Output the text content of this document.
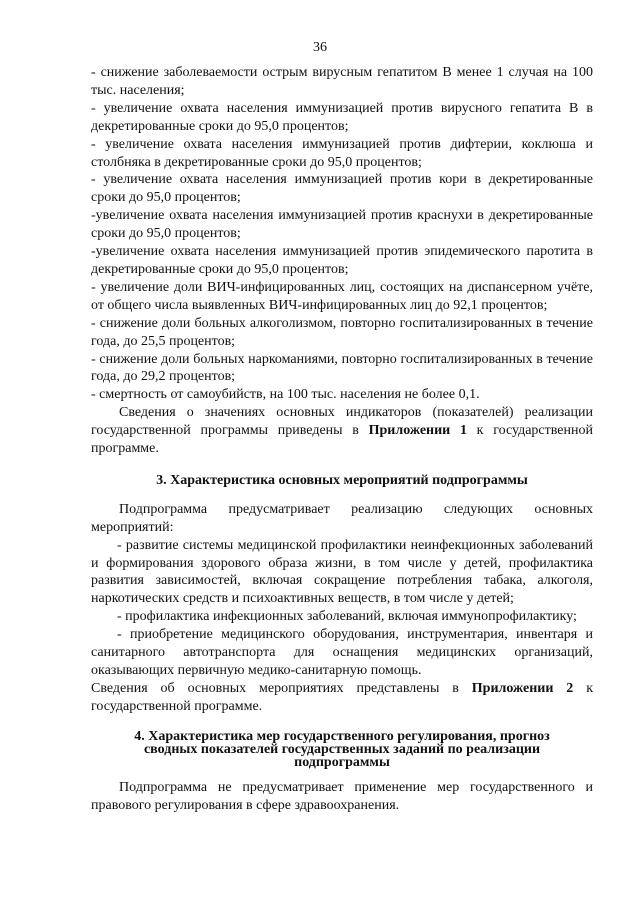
36

- снижение заболеваемости острым вирусным гепатитом В менее 1 случая на 100 тыс. населения;

- увеличение охвата населения иммунизацией против вирусного гепатита В в декретированные сроки до 95,0 процентов;

- увеличение охвата населения иммунизацией против дифтерии, коклюша и столбняка в декретированные сроки до 95,0 процентов;

- увеличение охвата населения иммунизацией против кори в декретированные сроки до 95,0 процентов;

-увеличение охвата населения иммунизацией против краснухи в декретированные сроки до 95,0 процентов;

-увеличение охвата населения иммунизацией против эпидемического паротита в декретированные сроки до 95,0 процентов;

- увеличение доли ВИЧ-инфицированных лиц, состоящих на диспансерном учёте, от общего числа выявленных ВИЧ-инфицированных лиц до 92,1 процентов;

- снижение доли больных алкоголизмом, повторно госпитализированных в течение года, до 25,5 процентов;

- снижение доли больных наркоманиями, повторно госпитализированных в течение года, до 29,2 процентов;

- смертность от самоубийств, на 100 тыс. населения не более 0,1.

Сведения о значениях основных индикаторов (показателей) реализации государственной программы приведены в Приложении 1 к государственной программе.

3. Характеристика основных мероприятий подпрограммы

Подпрограмма предусматривает реализацию следующих основных мероприятий:

- развитие системы медицинской профилактики неинфекционных заболеваний и формирования здорового образа жизни, в том числе у детей, профилактика развития зависимостей, включая сокращение потребления табака, алкоголя, наркотических средств и психоактивных веществ, в том числе у детей;

- профилактика инфекционных заболеваний, включая иммунопрофилактику;

- приобретение медицинского оборудования, инструментария, инвентаря и санитарного автотранспорта для оснащения медицинских организаций, оказывающих первичную медико-санитарную помощь.

Сведения об основных мероприятиях представлены в Приложении 2 к государственной программе.

4. Характеристика мер государственного регулирования, прогноз
сводных показателей государственных заданий по реализации
подпрограммы

Подпрограмма не предусматривает применение мер государственного и правового регулирования в сфере здравоохранения.
